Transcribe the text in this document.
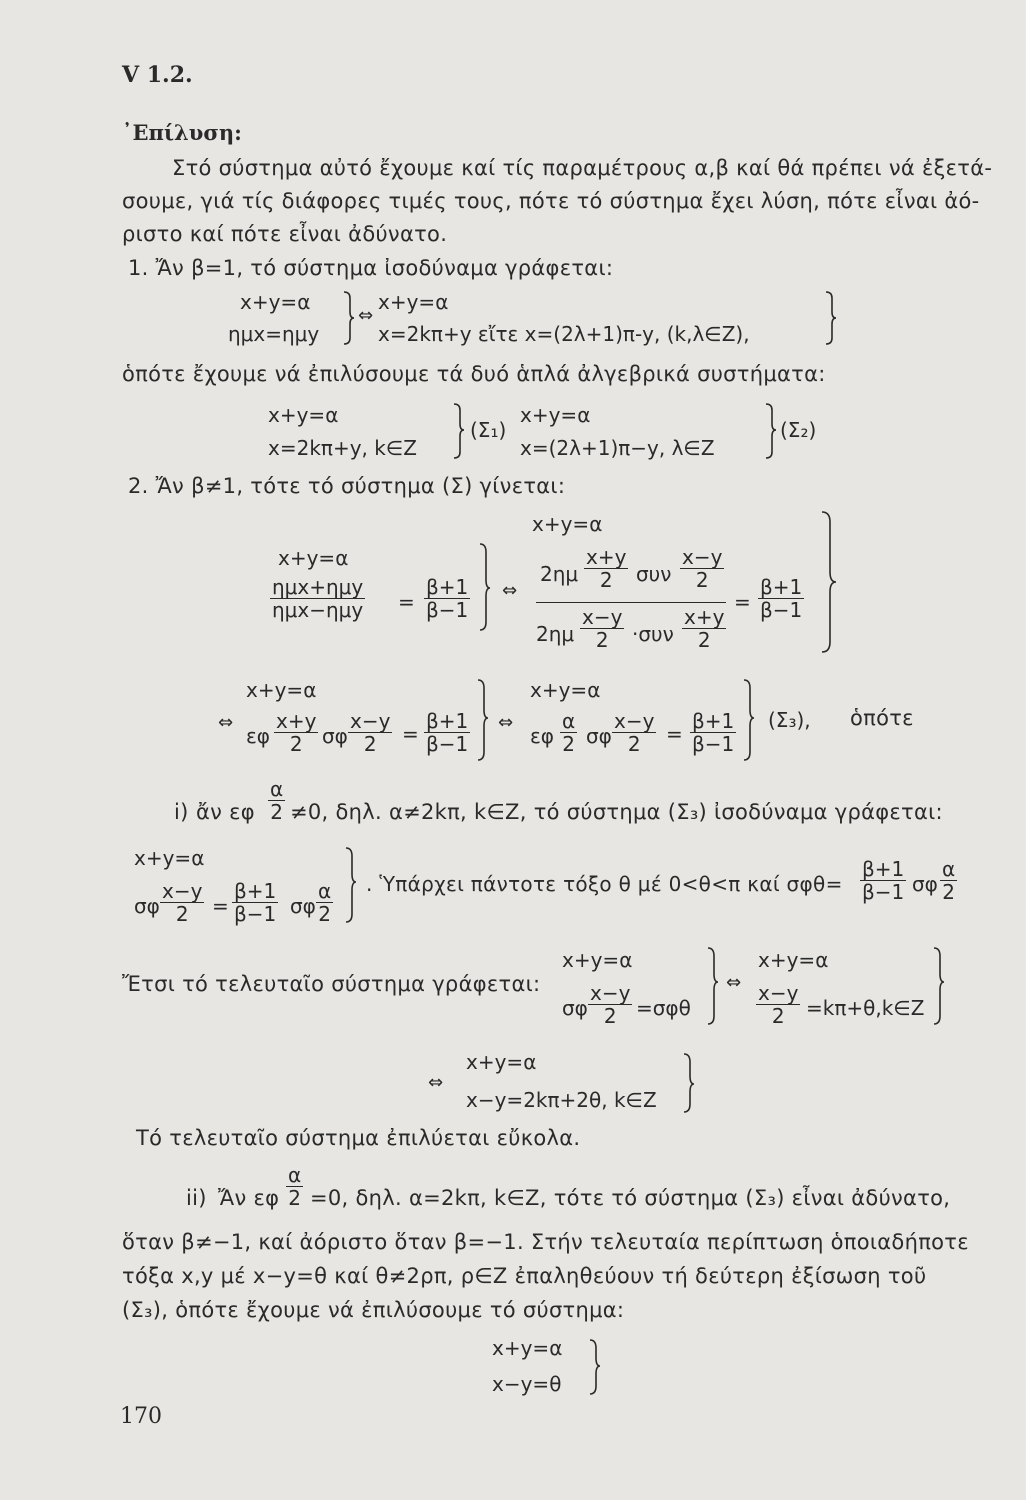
V 1.2.
᾿Επίλυση:
Στό σύστημα αὐτό ἔχουμε καί τίς παραμέτρους α,β καί θά πρέπει νά ἐξετά-
σουμε, γιά τίς διάφορες τιμές τους, πότε τό σύστημα ἔχει λύση, πότε εἶναι ἀό-
ριστο καί πότε εἶναι ἀδύνατο.
1. Ἄν β=1, τό σύστημα ἰσοδύναμα γράφεται:
x+y=α
ημx=ημy
⇔
x+y=α
x=2kπ+y εἴτε x=(2λ+1)π-y, (k,λ∈Z),
ὁπότε ἔχουμε νά ἐπιλύσουμε τά δυό ἁπλά ἀλγεβρικά συστήματα:
x+y=α
x=2kπ+y, k∈Z
(Σ₁)
x+y=α
x=(2λ+1)π−y, λ∈Z
(Σ₂)
2. Ἄν β≠1, τότε τό σύστημα (Σ) γίνεται:
x+y=α
ημx+ημy
ημx−ημy =
β+1
β−1
⇔
x+y=α
2ημ
x+y
2 συν
x−y
2
2ημ
x−y
2 ·συν
x+y
2
=
β+1
β−1
x+y=α
⇔
εφ
x+y
2 σφ
x−y
2 =
β+1
β−1
⇔
x+y=α
εφ
α
2 σφ
x−y
2 =
β+1
β−1
(Σ₃), ὁπότε
i) ἄν εφ
α
2 ≠0, δηλ. α≠2kπ, k∈Z, τό σύστημα (Σ₃) ἰσοδύναμα γράφεται:
x+y=α
σφ
x−y
2 =
β+1
β−1 σφ
α
2
. Ὑπάρχει πάντοτε τόξο θ μέ 0<θ<π καί σφθ=
β+1
β−1 σφ
α
2
x+y=α
Ἔτσι τό τελευταῖο σύστημα γράφεται:
σφ
x−y
2 =σφθ
⇔
x+y=α
x−y
2 =kπ+θ,k∈Z
⇔
x+y=α
x−y=2kπ+2θ, k∈Z
Τό τελευταῖο σύστημα ἐπιλύεται εὔκολα.
ii) Ἄν εφ
α
2 =0, δηλ. α=2kπ, k∈Z, τότε τό σύστημα (Σ₃) εἶναι ἀδύνατο,
ὅταν β≠−1, καί ἀόριστο ὅταν β=−1. Στήν τελευταία περίπτωση ὁποιαδήποτε
τόξα x,y μέ x−y=θ καί θ≠2ρπ, ρ∈Z ἐπαληθεύουν τή δεύτερη ἐξίσωση τοῦ
(Σ₃), ὁπότε ἔχουμε νά ἐπιλύσουμε τό σύστημα:
x+y=α
x−y=θ
170
